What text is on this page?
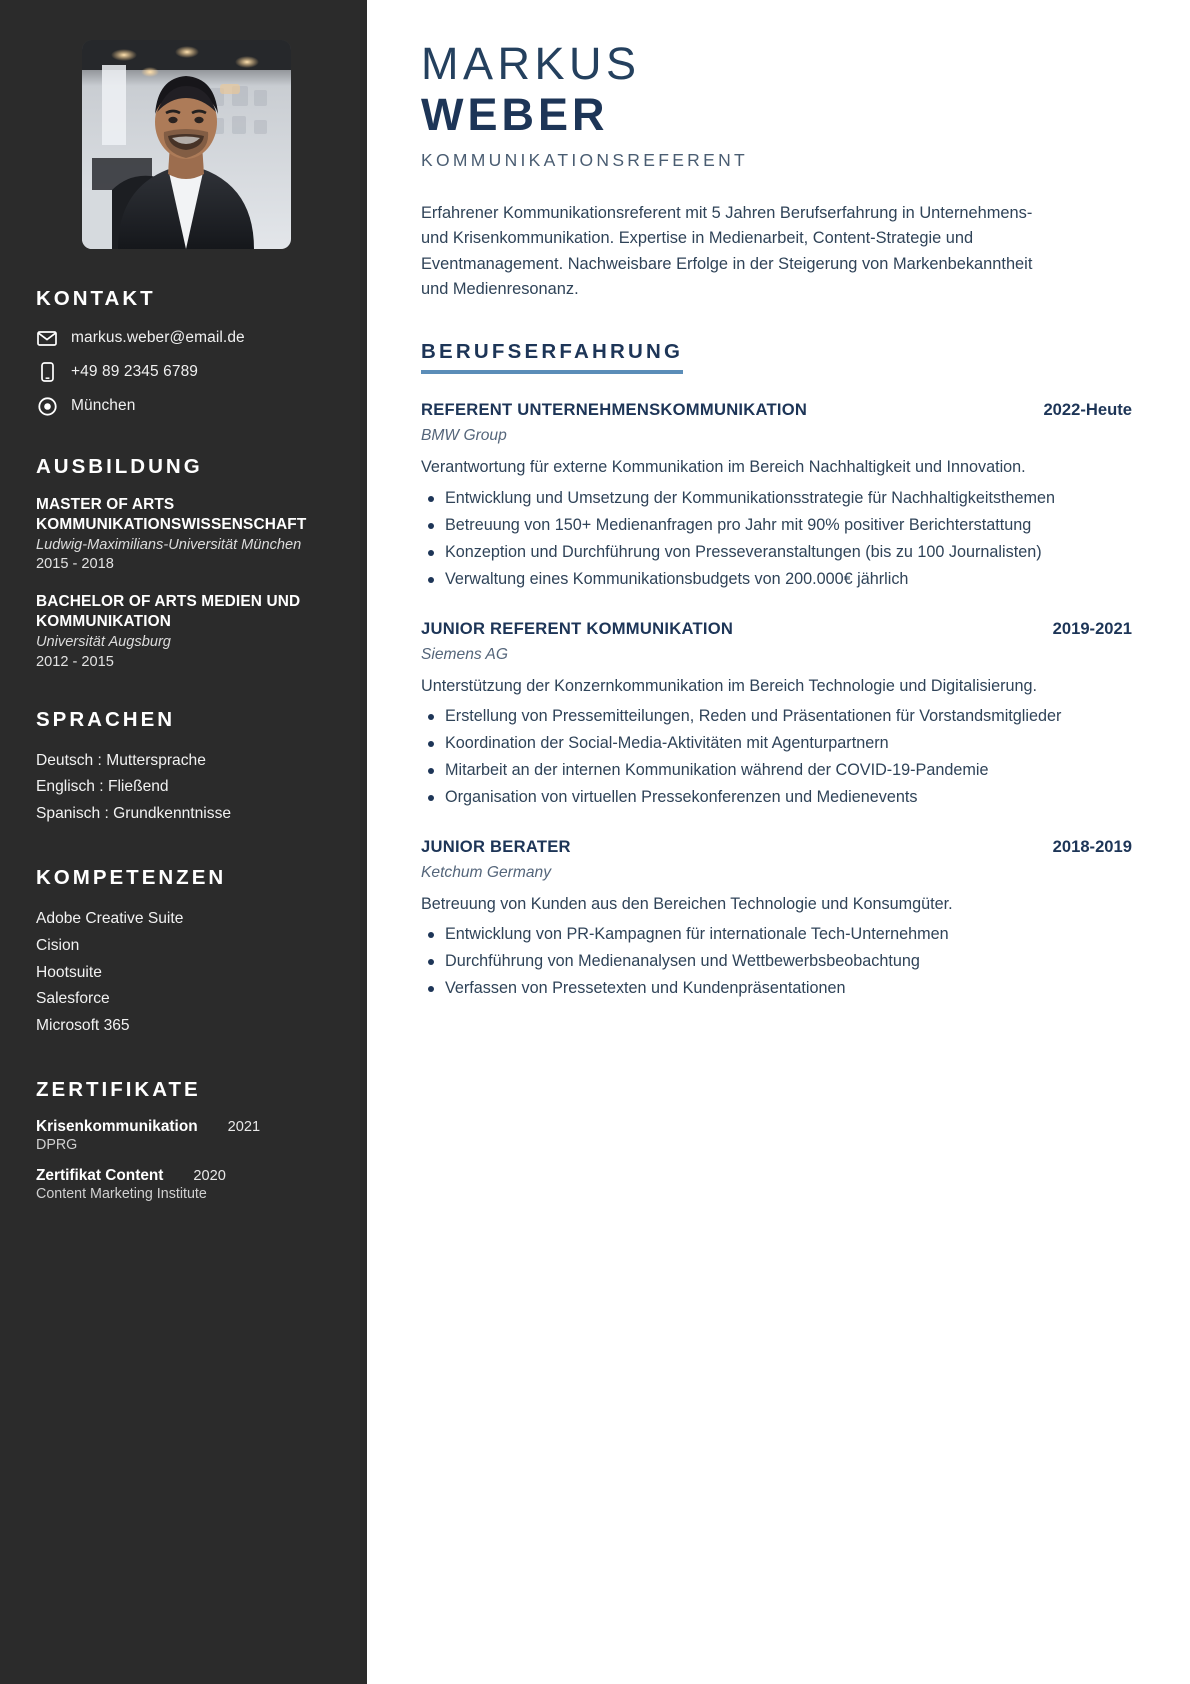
KONTAKT
markus.weber@email.de
+49 89 2345 6789
München
AUSBILDUNG
MASTER OF ARTS KOMMUNIKATIONSWISSENSCHAFT
Ludwig-Maximilians-Universität München
2015 - 2018
BACHELOR OF ARTS MEDIEN UND KOMMUNIKATION
Universität Augsburg
2012 - 2015
SPRACHEN
Deutsch : Muttersprache
Englisch : Fließend
Spanisch : Grundkenntnisse
KOMPETENZEN
Adobe Creative Suite
Cision
Hootsuite
Salesforce
Microsoft 365
ZERTIFIKATE
Krisenkommunikation 2021
DPRG
Zertifikat Content 2020
Content Marketing Institute
MARKUS
WEBER
KOMMUNIKATIONSREFERENT

Erfahrener Kommunikationsreferent mit 5 Jahren Berufserfahrung in Unternehmens- und Krisenkommunikation. Expertise in Medienarbeit, Content-Strategie und Eventmanagement. Nachweisbare Erfolge in der Steigerung von Markenbekanntheit und Medienresonanz.

BERUFSERFAHRUNG
REFERENT UNTERNEHMENSKOMMUNIKATION	2022-Heute
BMW Group

Verantwortung für externe Kommunikation im Bereich Nachhaltigkeit und Innovation.

Entwicklung und Umsetzung der Kommunikationsstrategie für Nachhaltigkeitsthemen
Betreuung von 150+ Medienanfragen pro Jahr mit 90% positiver Berichterstattung
Konzeption und Durchführung von Presseveranstaltungen (bis zu 100 Journalisten)
Verwaltung eines Kommunikationsbudgets von 200.000€ jährlich
JUNIOR REFERENT KOMMUNIKATION	2019-2021
Siemens AG

Unterstützung der Konzernkommunikation im Bereich Technologie und Digitalisierung.

Erstellung von Pressemitteilungen, Reden und Präsentationen für Vorstandsmitglieder
Koordination der Social-Media-Aktivitäten mit Agenturpartnern
Mitarbeit an der internen Kommunikation während der COVID-19-Pandemie
Organisation von virtuellen Pressekonferenzen und Medienevents
JUNIOR BERATER	2018-2019
Ketchum Germany

Betreuung von Kunden aus den Bereichen Technologie und Konsumgüter.

Entwicklung von PR-Kampagnen für internationale Tech-Unternehmen
Durchführung von Medienanalysen und Wettbewerbsbeobachtung
Verfassen von Pressetexten und Kundenpräsentationen
